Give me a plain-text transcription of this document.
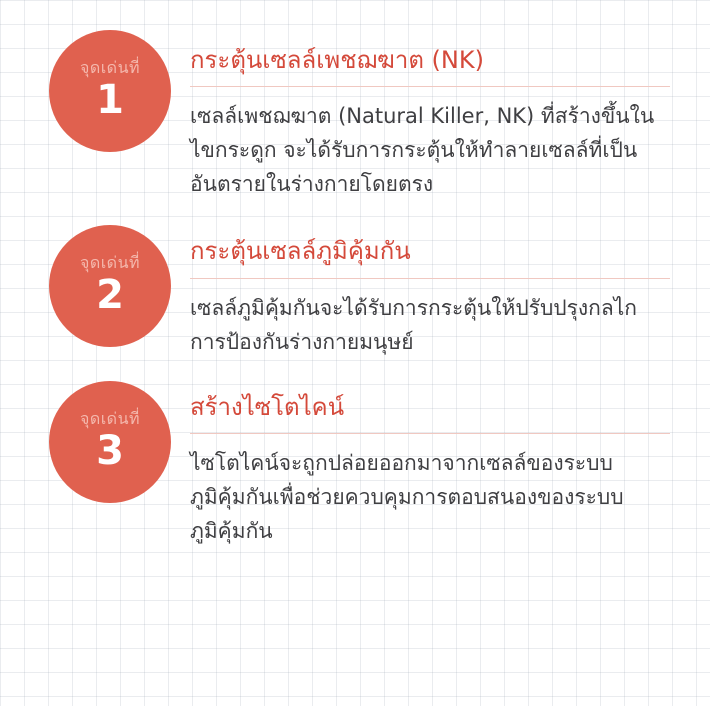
จุดเด่นที่
1
กระตุ้นเซลล์เพชฌฆาต (NK)

เซลล์เพชฌฆาต (Natural Killer, NK) ที่สร้างขึ้นในไขกระดูก จะได้รับการกระตุ้นให้ทำลายเซลล์ที่เป็นอันตรายในร่างกายโดยตรง

จุดเด่นที่
2
กระตุ้นเซลล์ภูมิคุ้มกัน

เซลล์ภูมิคุ้มกันจะได้รับการกระตุ้นให้ปรับปรุงกลไกการป้องกันร่างกายมนุษย์

จุดเด่นที่
3
สร้างไซโตไคน์

ไซโตไคน์จะถูกปล่อยออกมาจากเซลล์ของระบบภูมิคุ้มกันเพื่อช่วยควบคุมการตอบสนองของระบบภูมิคุ้มกัน
